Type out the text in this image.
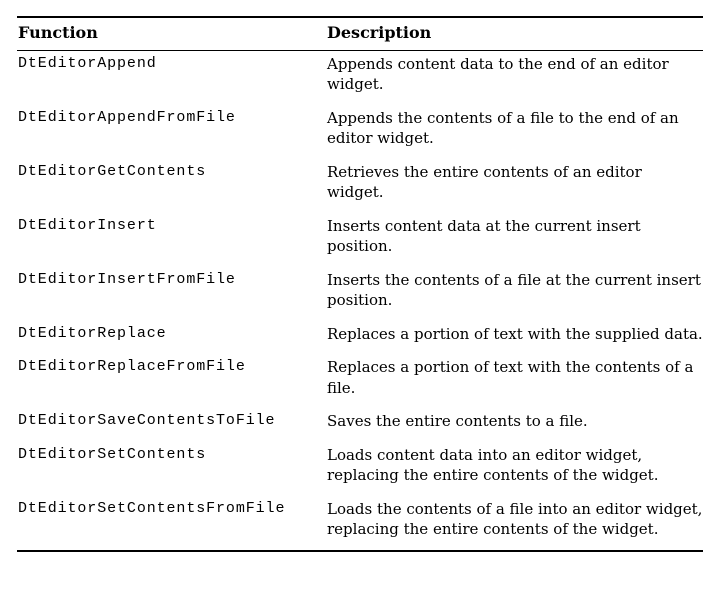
Function	Description
DtEditorAppend	Appends content data to the end of an editor widget.
DtEditorAppendFromFile	Appends the contents of a file to the end of an editor widget.
DtEditorGetContents	Retrieves the entire contents of an editor widget.
DtEditorInsert	Inserts content data at the current insert position.
DtEditorInsertFromFile	Inserts the contents of a file at the current insert position.
DtEditorReplace	Replaces a portion of text with the supplied data.
DtEditorReplaceFromFile	Replaces a portion of text with the contents of a file.
DtEditorSaveContentsToFile	Saves the entire contents to a file.
DtEditorSetContents	Loads content data into an editor widget, replacing the entire contents of the widget.
DtEditorSetContentsFromFile	Loads the contents of a file into an editor widget, replacing the entire contents of the widget.
